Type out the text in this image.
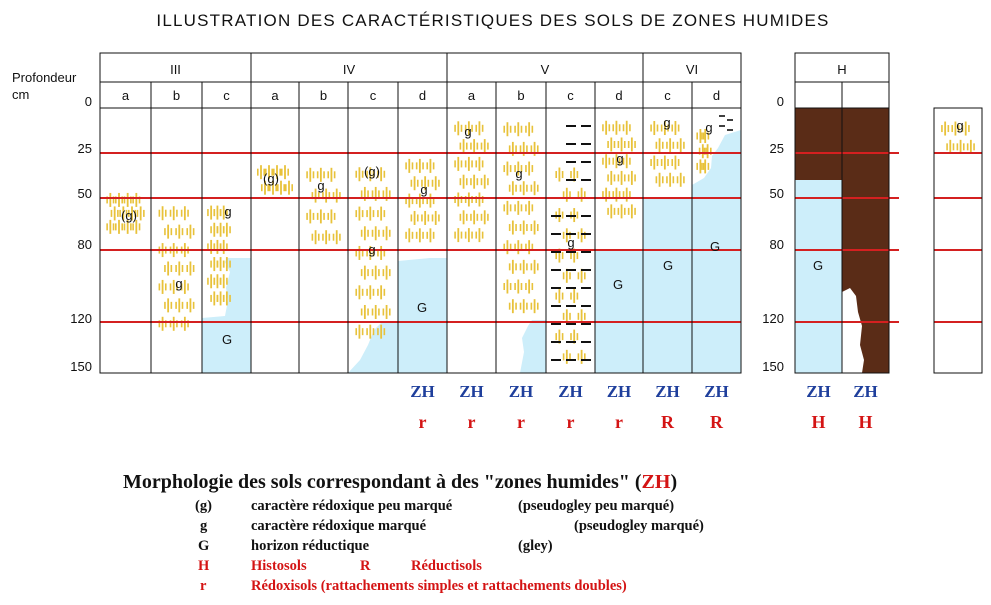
ILLUSTRATION DES CARACTÉRISTIQUES DES SOLS DE ZONES HUMIDES
Profondeur
cm	0
25
50
80
120
150
0
25
50
80
120
150
III	IV	V	VI	H
a	b	c	a	b	c	d	a	b	c	d	c	d
(g)
g
g
G
(g)	g
(g)
g
g
G
g
g
g
g
G
g
G
g
G
G
g
ZH ZH ZH ZH ZH ZH ZH	ZH ZH
r r r r r R R	H H
Morphologie des sols correspondant à des "zones humides" (ZH)
(g)	caractère rédoxique peu marqué	(pseudogley peu marqué)
g	caractère rédoxique marqué	(pseudogley marqué)
G	horizon réductique	(gley)
H	Histosols	R	Réductisols
r	Rédoxisols (rattachements simples et rattachements doubles)
